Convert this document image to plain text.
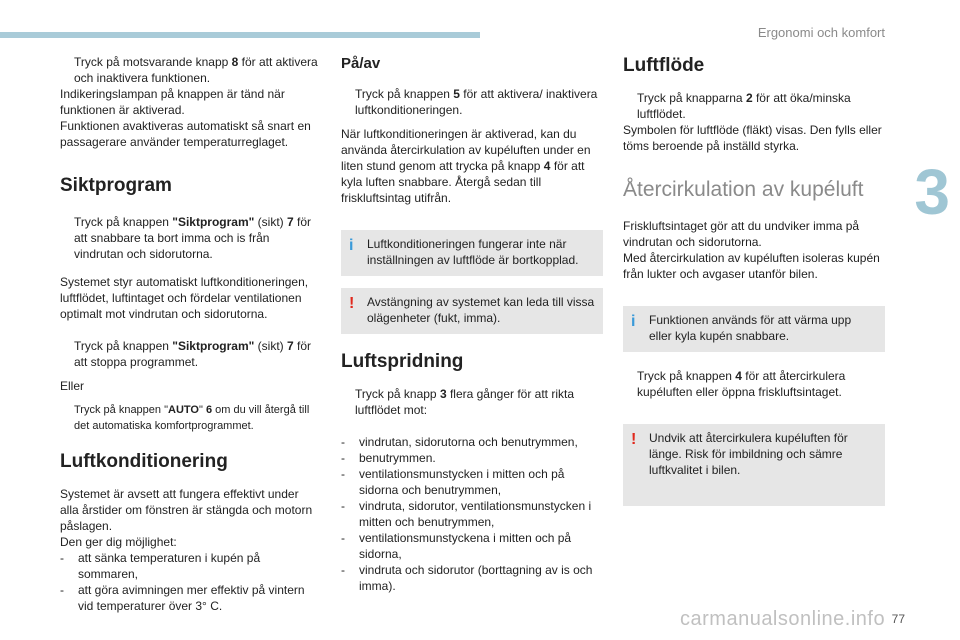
Ergonomi och komfort
3
Tryck på motsvarande knapp 8 för att aktivera och inaktivera funktionen.

Indikeringslampan på knappen är tänd när funktionen är aktiverad.

Funktionen avaktiveras automatiskt så snart en passagerare använder temperaturreglaget.

Siktprogram
Tryck på knappen "Siktprogram" (sikt) 7 för att snabbare ta bort imma och is från vindrutan och sidorutorna.

Systemet styr automatiskt luftkonditioneringen, luftflödet, luftintaget och fördelar ventilationen optimalt mot vindrutan och sidorutorna.

Tryck på knappen "Siktprogram" (sikt) 7 för att stoppa programmet.

Eller

Tryck på knappen "AUTO" 6 om du vill återgå till det automatiska komfortprogrammet.
Luftkonditionering

Systemet är avsett att fungera effektivt under alla årstider om fönstren är stängda och motorn påslagen.

Den ger dig möjlighet:

-	att sänka temperaturen i kupén på sommaren,
-	att göra avimningen mer effektiv på vintern vid temperaturer över 3° C.
På/av
Tryck på knappen 5 för att aktivera/ inaktivera luftkonditioneringen.

När luftkonditioneringen är aktiverad, kan du använda återcirkulation av kupéluften under en liten stund genom att trycka på knapp 4 för att kyla luften snabbare. Återgå sedan till friskluftsintag utifrån.

i Luftkonditioneringen fungerar inte när inställningen av luftflöde är bortkopplad.
! Avstängning av systemet kan leda till vissa olägenheter (fukt, imma).
Luftspridning
Tryck på knapp 3 flera gånger för att rikta luftflödet mot:
-	vindrutan, sidorutorna och benutrymmen,
-	benutrymmen.
-	ventilationsmunstycken i mitten och på sidorna och benutrymmen,
-	vindruta, sidorutor, ventilationsmunstycken i mitten och benutrymmen,
-	ventilationsmunstyckena i mitten och på sidorna,
-	vindruta och sidorutor (borttagning av is och imma).
Luftflöde
Tryck på knapparna 2 för att öka/minska luftflödet.

Symbolen för luftflöde (fläkt) visas. Den fylls eller töms beroende på inställd styrka.

Återcirkulation av kupéluft

Friskluftsintaget gör att du undviker imma på vindrutan och sidorutorna.

Med återcirkulation av kupéluften isoleras kupén från lukter och avgaser utanför bilen.

i Funktionen används för att värma upp eller kyla kupén snabbare.
Tryck på knappen 4 för att återcirkulera kupéluften eller öppna friskluftsintaget.
! Undvik att återcirkulera kupéluften för länge. Risk för imbildning och sämre luftkvalitet i bilen.
carmanualsonline.info 77
